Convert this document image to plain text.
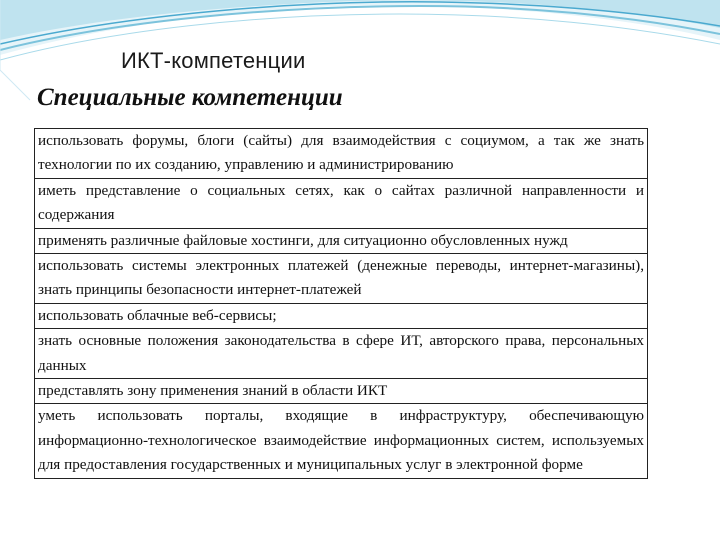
ИКТ-компетенции
Специальные компетенции
использовать форумы, блоги (сайты) для взаимодействия с социумом, а так же знать технологии по их созданию, управлению и администрированию
иметь представление о социальных сетях, как о сайтах различной направленности и содержания
применять различные файловые хостинги, для ситуационно обусловленных нужд
использовать системы электронных платежей (денежные переводы, интернет-магазины), знать принципы безопасности интернет-платежей
использовать облачные веб-сервисы;
знать основные положения законодательства в сфере ИТ, авторского права, персональных данных
представлять зону применения знаний в области ИКТ
уметь использовать порталы, входящие в инфраструктуру, обеспечивающую информационно-технологическое взаимодействие информационных систем, используемых для предоставления государственных и муниципальных услуг в электронной форме
